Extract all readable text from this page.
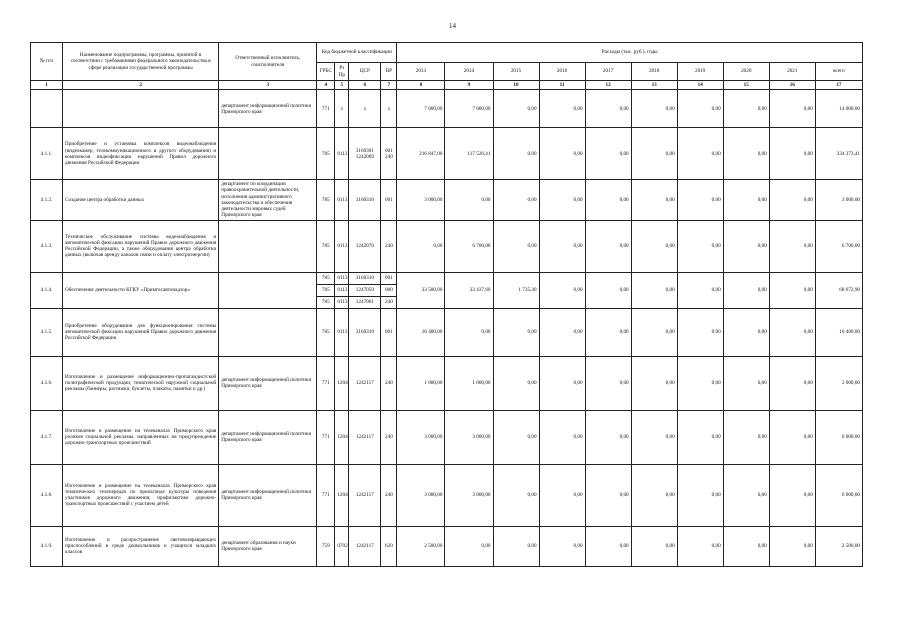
14
№ п/п	Наименование подпрограммы, программы, принятой в соответствии с требованиями федерального законодательства в сфере реализации государственной программы	Ответственный исполнитель, соисполнители	Код бюджетной классификации				Расходы (тыс. руб.), годы									
			ГРБС	Рз Пр	ЦСР	ВР	2013	2014	2015	2016	2017	2018	2019	2020	2021	всего
1	2	3	4	5	6	7	8	9	10	11	12	13	14	15	16	17
		департамент информационной политики Приморского края	771	х	х	х	7 000,00	7 000,00	0,00	0,00	0,00	0,00	0,00	0,00	0,00	14 000,00
4.1.1.	Приобретение и установка комплексов видеонаблюдения (видеокамер, телекоммуникационного и другого оборудования) и комплексов видеофиксации нарушений Правил дорожного движения Российской Федерации		785	0113	3160301 1242069	001 240	216 847,00	117 526,41	0,00	0,00	0,00	0,00	0,00	0,00	0,00	334 373,41
4.1.2.	Создание центра обработки данных	департамент по координации правоохранительной деятельности, исполнения административного законодательства и обеспечения деятельности мировых судей Приморского края	785	0113	3160310	001	3 000,00	0,00	0,00	0,00	0,00	0,00	0,00	0,00	0,00	3 000,00
4.1.3.	Техническое обслуживание системы видеонаблюдения и автоматической фиксации нарушений Правил дорожного движения Российской Федерации, а также оборудования центра обработки данных (включая аренду каналов связи и оплату электроэнергии)		785	0113	1242070	240	0,00	6 700,00	0,00	0,00	0,00	0,00	0,00	0,00	0,00	6 700,00
4.1.4.	Обеспечение деятельности КГКУ «Примгосавтонадзор»		785	0113	3160310	001	33 500,00	33 437,60	1 735,30	0,00	0,00	0,00	0,00	0,00	0,00	68 672,90
			785	0113	1247059	000										
			785	0113	1247061	240										
4.1.5.	Приобретение оборудования для функционирования системы автоматической фиксации нарушений Правил дорожного движения Российской Федерации		785	0113	3160310	001	10 400,00	0,00	0,00	0,00	0,00	0,00	0,00	0,00	0,00	10 400,00
4.1.6.	Изготовление и размещение информационно-пропагандистской полиграфической продукции, тематической наружной социальной рекламы (баннеры, растяжки, буклеты, плакаты, памятки и др.)	департамент информационной политики Приморского края	771	1204	1242117	240	1 000,00	1 000,00	0,00	0,00	0,00	0,00	0,00	0,00	0,00	2 000,00
4.1.7.	Изготовление и размещение на телеканалах Приморского края роликов социальной рекламы, направленных на предупреждение дорожно-транспортных происшествий	департамент информационной политики Приморского края	771	1204	1242117	240	3 000,00	3 000,00	0,00	0,00	0,00	0,00	0,00	0,00	0,00	6 000,00
4.1.8.	Изготовление и размещение на телеканалах Приморского края тематических телепередач по пропаганде культуры поведения участников дорожного движения, профилактике дорожно-транспортных происшествий с участием детей	департамент информационной политики Приморского края	771	1204	1242117	240	3 000,00	3 000,00	0,00	0,00	0,00	0,00	0,00	0,00	0,00	6 000,00
4.1.9.	Изготовление и распространение световозвращающих приспособлений в среде дошкольников и учащихся младших классов	департамент образования и науки Приморского края	759	0702	1242117	620	2 500,00	0,00	0,00	0,00	0,00	0,00	0,00	0,00	0,00	2 500,00
